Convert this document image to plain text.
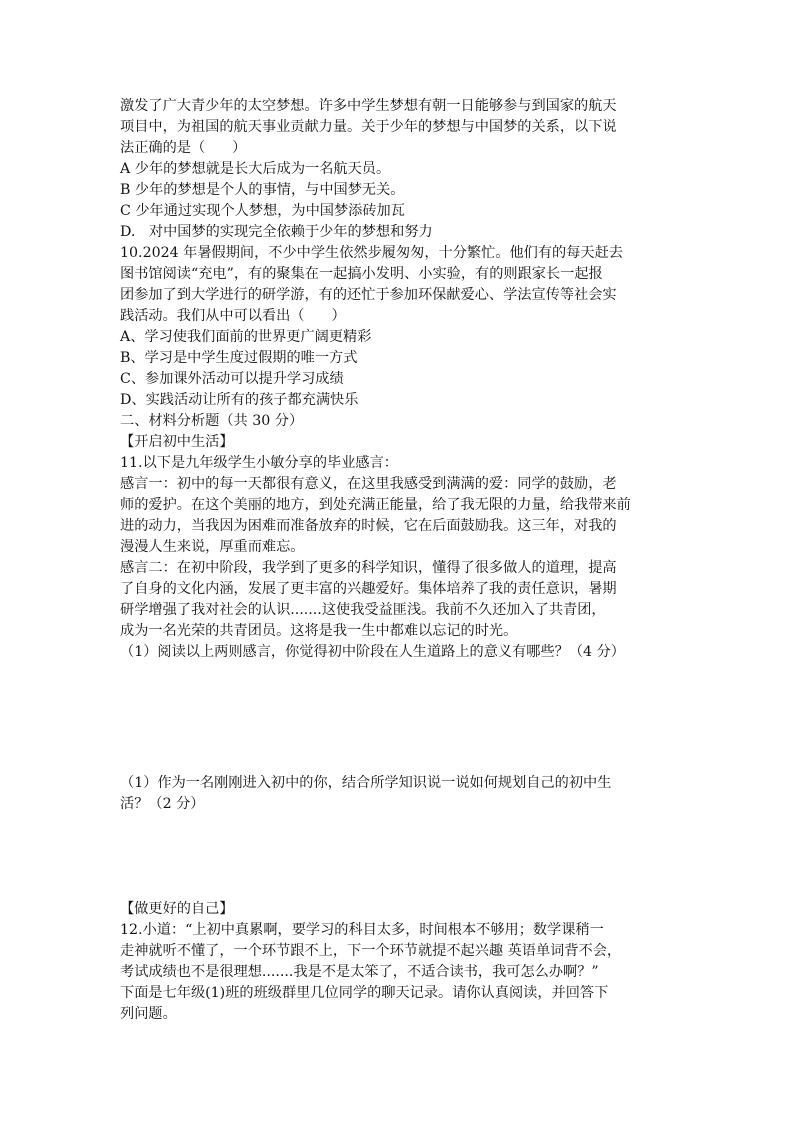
激发了广大青少年的太空梦想。许多中学生梦想有朝一日能够参与到国家的航天

项目中，为祖国的航天事业贡献力量。关于少年的梦想与中国梦的关系，以下说

法正确的是（      ）

A 少年的梦想就是长大后成为一名航天员。

B 少年的梦想是个人的事情，与中国梦无关。

C 少年通过实现个人梦想，为中国梦添砖加瓦

D.   对中国梦的实现完全依赖于少年的梦想和努力

10.2024 年暑假期间，不少中学生依然步履匆匆，十分繁忙。他们有的每天赶去

图书馆阅读“充电”，有的聚集在一起搞小发明、小实验，有的则跟家长一起报

团参加了到大学进行的研学游，有的还忙于参加环保献爱心、学法宣传等社会实

践活动。我们从中可以看出（      ）

A、学习使我们面前的世界更广阔更精彩

B、学习是中学生度过假期的唯一方式

C、参加课外活动可以提升学习成绩

D、实践活动让所有的孩子都充满快乐

二、材料分析题（共 30 分）

【开启初中生活】

11.以下是九年级学生小敏分享的毕业感言：

感言一：初中的每一天都很有意义，在这里我感受到满满的爱：同学的鼓励，老

师的爱护。在这个美丽的地方，到处充满正能量，给了我无限的力量，给我带来前

进的动力，当我因为困难而准备放弃的时候，它在后面鼓励我。这三年，对我的

漫漫人生来说，厚重而难忘。

感言二：在初中阶段，我学到了更多的科学知识，懂得了很多做人的道理，提高

了自身的文化内涵，发展了更丰富的兴趣爱好。集体培养了我的责任意识，暑期

研学增强了我对社会的认识.......这使我受益匪浅。我前不久还加入了共青团，

成为一名光荣的共青团员。这将是我一生中都难以忘记的时光。

（1）阅读以上两则感言，你觉得初中阶段在人生道路上的意义有哪些？（4 分）

（1）作为一名刚刚进入初中的你，结合所学知识说一说如何规划自己的初中生

活？（2 分）

【做更好的自己】

12.小道：“上初中真累啊，要学习的科目太多，时间根本不够用；数学课稍一

走神就听不懂了，一个环节跟不上，下一个环节就提不起兴趣 英语单词背不会，

考试成绩也不是很理想.......我是不是太笨了，不适合读书，我可怎么办啊？”

下面是七年级(1)班的班级群里几位同学的聊天记录。请你认真阅读，并回答下

列问题。
